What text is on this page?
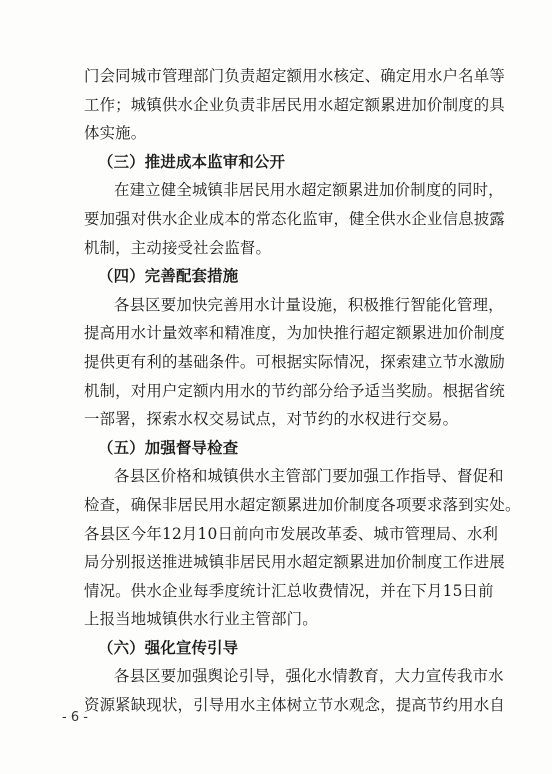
门会同城市管理部门负责超定额用水核定、确定用水户名单等
工作；城镇供水企业负责非居民用水超定额累进加价制度的具
体实施。
（三）推进成本监审和公开
在建立健全城镇非居民用水超定额累进加价制度的同时，
要加强对供水企业成本的常态化监审，健全供水企业信息披露
机制，主动接受社会监督。
（四）完善配套措施
各县区要加快完善用水计量设施，积极推行智能化管理，
提高用水计量效率和精准度，为加快推行超定额累进加价制度
提供更有利的基础条件。可根据实际情况，探索建立节水激励
机制，对用户定额内用水的节约部分给予适当奖励。根据省统
一部署，探索水权交易试点，对节约的水权进行交易。
（五）加强督导检查
各县区价格和城镇供水主管部门要加强工作指导、督促和
检查，确保非居民用水超定额累进加价制度各项要求落到实处。
各县区今年12月10日前向市发展改革委、城市管理局、水利
局分别报送推进城镇非居民用水超定额累进加价制度工作进展
情况。供水企业每季度统计汇总收费情况，并在下月15日前
上报当地城镇供水行业主管部门。
（六）强化宣传引导
各县区要加强舆论引导，强化水情教育，大力宣传我市水
资源紧缺现状，引导用水主体树立节水观念，提高节约用水自
- 6 -
